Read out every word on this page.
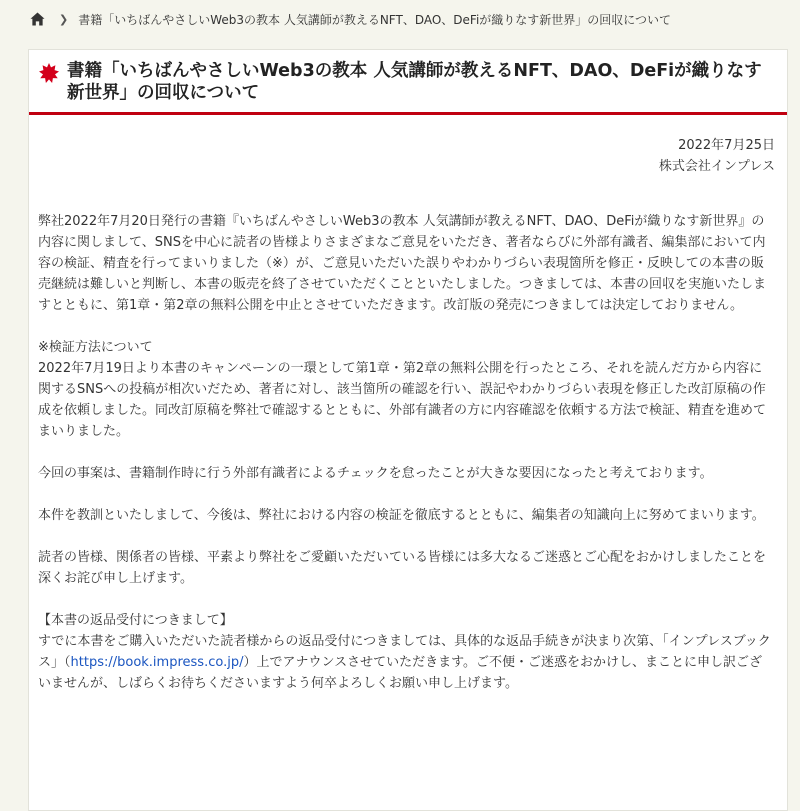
❯ 書籍「いちばんやさしいWeb3の教本 人気講師が教えるNFT、DAO、DeFiが織りなす新世界」の回収について
書籍「いちばんやさしいWeb3の教本 人気講師が教えるNFT、DAO、DeFiが織りなす新世界」の回収について
2022年7月25日
株式会社インプレス

弊社2022年7月20日発行の書籍『いちばんやさしいWeb3の教本 人気講師が教えるNFT、DAO、DeFiが織りなす新世界』の内容に関しまして、SNSを中心に読者の皆様よりさまざまなご意見をいただき、著者ならびに外部有識者、編集部において内容の検証、精査を行ってまいりました（※）が、ご意見いただいた誤りやわかりづらい表現箇所を修正・反映しての本書の販売継続は難しいと判断し、本書の販売を終了させていただくことといたしました。つきましては、本書の回収を実施いたしますとともに、第1章・第2章の無料公開を中止とさせていただきます。改訂版の発売につきましては決定しておりません。

※検証方法について
2022年7月19日より本書のキャンペーンの一環として第1章・第2章の無料公開を行ったところ、それを読んだ方から内容に関するSNSへの投稿が相次いだため、著者に対し、該当箇所の確認を行い、誤記やわかりづらい表現を修正した改訂原稿の作成を依頼しました。同改訂原稿を弊社で確認するとともに、外部有識者の方に内容確認を依頼する方法で検証、精査を進めてまいりました。

今回の事案は、書籍制作時に行う外部有識者によるチェックを怠ったことが大きな要因になったと考えております。

本件を教訓といたしまして、今後は、弊社における内容の検証を徹底するとともに、編集者の知識向上に努めてまいります。

読者の皆様、関係者の皆様、平素より弊社をご愛顧いただいている皆様には多大なるご迷惑とご心配をおかけしましたことを深くお詫び申し上げます。

【本書の返品受付につきまして】
すでに本書をご購入いただいた読者様からの返品受付につきましては、具体的な返品手続きが決まり次第、「インプレスブックス」（https://book.impress.co.jp/）上でアナウンスさせていただきます。ご不便・ご迷惑をおかけし、まことに申し訳ございませんが、しばらくお待ちくださいますよう何卒よろしくお願い申し上げます。
